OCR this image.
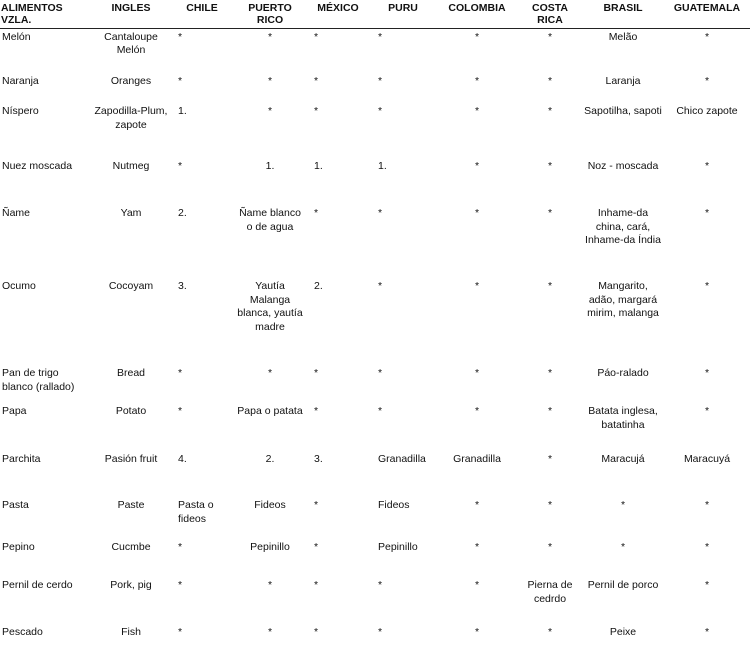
ALIMENTOS VZLA.	INGLES	CHILE	PUERTO RICO	MÉXICO	PURU	COLOMBIA	COSTA RICA	BRASIL	GUATEMALA
Melón	Cantaloupe Melón	*	*	*	*	*	*	Melão	*
Naranja	Oranges	*	*	*	*	*	*	Laranja	*
Níspero	Zapodilla-Plum, zapote	1.	*	*	*	*	*	Sapotilha, sapoti	Chico zapote
Nuez moscada	Nutmeg	*	1.	1.	1.	*	*	Noz - moscada	*
Ñame	Yam	2.	Ñame blanco o de agua	*	*	*	*	Inhame-da china, cará, Inhame-da Índia	*
Ocumo	Cocoyam	3.	Yautía Malanga blanca, yautía madre	2.	*	*	*	Mangarito, adão, margará mirim, malanga	*
Pan de trigo blanco (rallado)	Bread	*	*	*	*	*	*	Páo-ralado	*
Papa	Potato	*	Papa o patata	*	*	*	*	Batata inglesa, batatinha	*
Parchita	Pasión fruit	4.	2.	3.	Granadilla	Granadilla	*	Maracujá	Maracuyá
Pasta	Paste	Pasta o fideos	Fideos	*	Fideos	*	*	*	*
Pepino	Cucmbe	*	Pepinillo	*	Pepinillo	*	*	*	*
Pernil de cerdo	Pork, pig	*	*	*	*	*	Pierna de cedrdo	Pernil de porco	*
Pescado	Fish	*	*	*	*	*	*	Peixe	*
